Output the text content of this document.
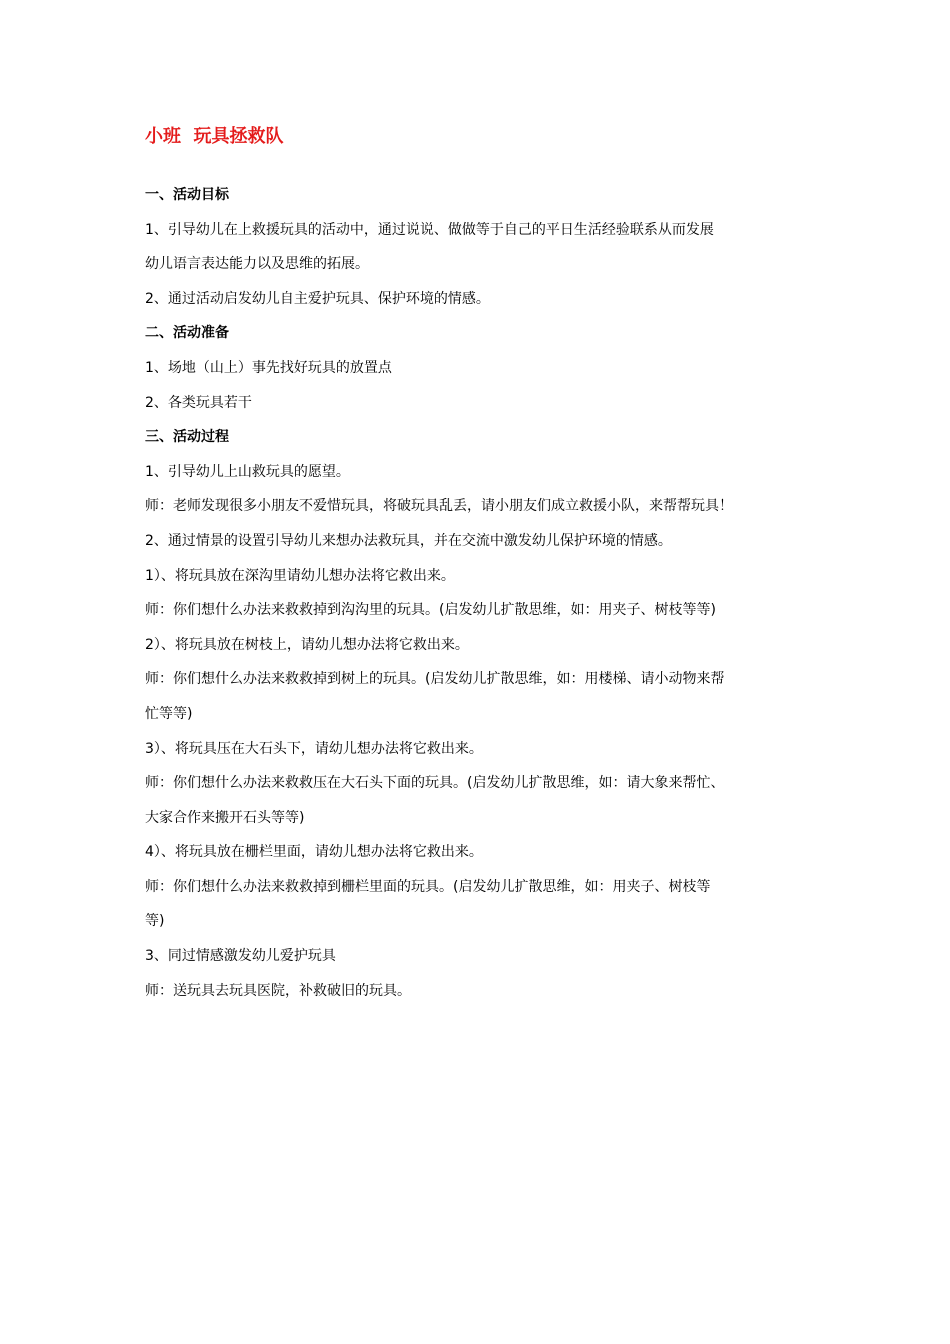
小班  玩具拯救队

一、活动目标

1、引导幼儿在上救援玩具的活动中，通过说说、做做等于自己的平日生活经验联系从而发展

幼儿语言表达能力以及思维的拓展。

2、通过活动启发幼儿自主爱护玩具、保护环境的情感。

二、活动准备

1、场地（山上）事先找好玩具的放置点

2、各类玩具若干

三、活动过程

1、引导幼儿上山救玩具的愿望。

师：老师发现很多小朋友不爱惜玩具，将破玩具乱丢，请小朋友们成立救援小队，来帮帮玩具！

2、通过情景的设置引导幼儿来想办法救玩具，并在交流中激发幼儿保护环境的情感。

1）、将玩具放在深沟里请幼儿想办法将它救出来。

师：你们想什么办法来救救掉到沟沟里的玩具。(启发幼儿扩散思维，如：用夹子、树枝等等)

2）、将玩具放在树枝上，请幼儿想办法将它救出来。

师：你们想什么办法来救救掉到树上的玩具。(启发幼儿扩散思维，如：用楼梯、请小动物来帮

忙等等)

3）、将玩具压在大石头下，请幼儿想办法将它救出来。

师：你们想什么办法来救救压在大石头下面的玩具。(启发幼儿扩散思维，如：请大象来帮忙、

大家合作来搬开石头等等)

4）、将玩具放在栅栏里面，请幼儿想办法将它救出来。

师：你们想什么办法来救救掉到栅栏里面的玩具。(启发幼儿扩散思维，如：用夹子、树枝等

等)

3、同过情感激发幼儿爱护玩具

师：送玩具去玩具医院，补救破旧的玩具。
